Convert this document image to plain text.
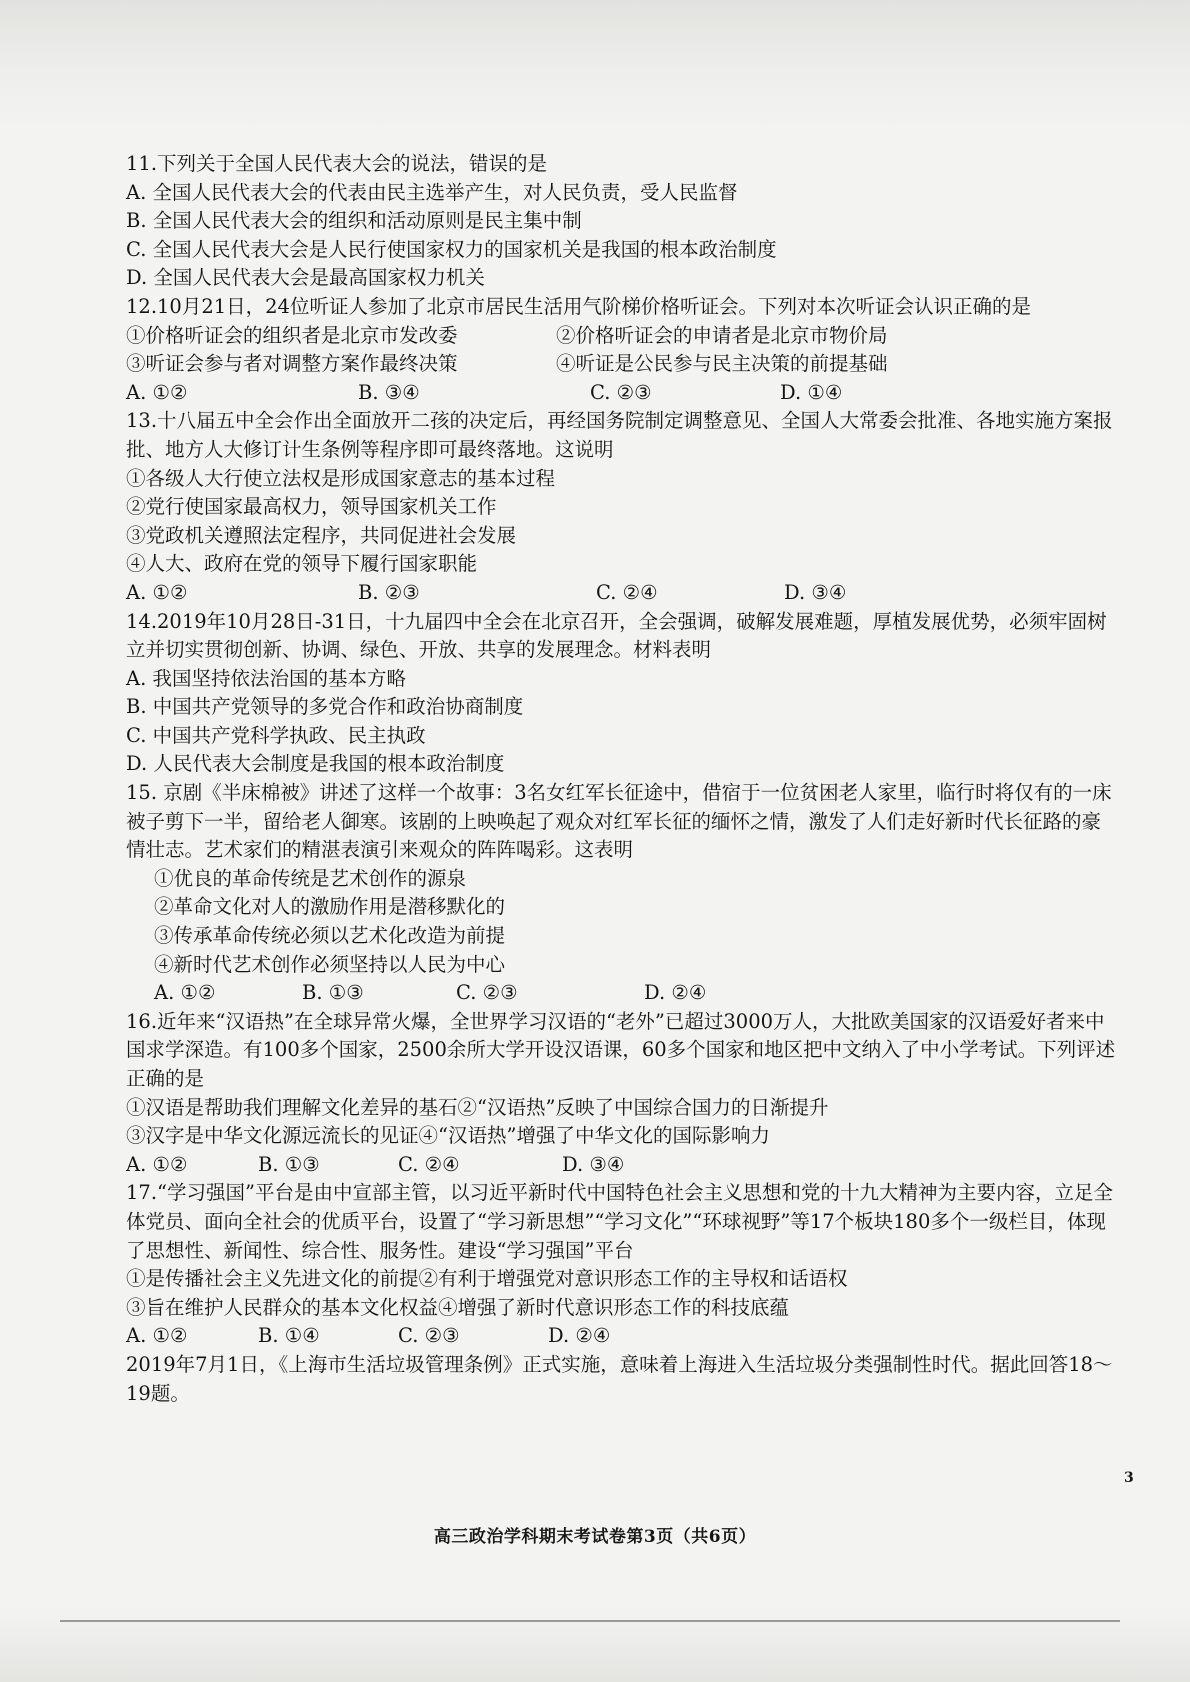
11.下列关于全国人民代表大会的说法，错误的是

A. 全国人民代表大会的代表由民主选举产生，对人民负责，受人民监督

B. 全国人民代表大会的组织和活动原则是民主集中制

C. 全国人民代表大会是人民行使国家权力的国家机关是我国的根本政治制度

D. 全国人民代表大会是最高国家权力机关

12.10月21日，24位听证人参加了北京市居民生活用气阶梯价格听证会。下列对本次听证会认识正确的是

①价格听证会的组织者是北京市发改委	②价格听证会的申请者是北京市物价局
③听证会参与者对调整方案作最终决策	④听证是公民参与民主决策的前提基础
A. ①②	B. ③④	C. ②③	D. ①④

13.十八届五中全会作出全面放开二孩的决定后，再经国务院制定调整意见、全国人大常委会批准、各地实施方案报批、地方人大修订计生条例等程序即可最终落地。这说明

①各级人大行使立法权是形成国家意志的基本过程

②党行使国家最高权力，领导国家机关工作

③党政机关遵照法定程序，共同促进社会发展

④人大、政府在党的领导下履行国家职能

A. ①②	B. ②③	C. ②④	D. ③④

14.2019年10月28日-31日，十九届四中全会在北京召开，全会强调，破解发展难题，厚植发展优势，必须牢固树立并切实贯彻创新、协调、绿色、开放、共享的发展理念。材料表明

A. 我国坚持依法治国的基本方略

B. 中国共产党领导的多党合作和政治协商制度

C. 中国共产党科学执政、民主执政

D. 人民代表大会制度是我国的根本政治制度

15. 京剧《半床棉被》讲述了这样一个故事：3名女红军长征途中，借宿于一位贫困老人家里，临行时将仅有的一床被子剪下一半，留给老人御寒。该剧的上映唤起了观众对红军长征的缅怀之情，激发了人们走好新时代长征路的豪情壮志。艺术家们的精湛表演引来观众的阵阵喝彩。这表明

①优良的革命传统是艺术创作的源泉

②革命文化对人的激励作用是潜移默化的

③传承革命传统必须以艺术化改造为前提

④新时代艺术创作必须坚持以人民为中心

A. ①②	B. ①③	C. ②③	D. ②④

16.近年来“汉语热”在全球异常火爆，全世界学习汉语的“老外”已超过3000万人，大批欧美国家的汉语爱好者来中国求学深造。有100多个国家，2500余所大学开设汉语课，60多个国家和地区把中文纳入了中小学考试。下列评述正确的是

①汉语是帮助我们理解文化差异的基石②“汉语热”反映了中国综合国力的日渐提升

③汉字是中华文化源远流长的见证④“汉语热”增强了中华文化的国际影响力

A. ①②	B. ①③	C. ②④	D. ③④

17.“学习强国”平台是由中宣部主管，以习近平新时代中国特色社会主义思想和党的十九大精神为主要内容，立足全体党员、面向全社会的优质平台，设置了“学习新思想”“学习文化”“环球视野”等17个板块180多个一级栏目，体现了思想性、新闻性、综合性、服务性。建设“学习强国”平台

①是传播社会主义先进文化的前提②有利于增强党对意识形态工作的主导权和话语权

③旨在维护人民群众的基本文化权益④增强了新时代意识形态工作的科技底蕴

A. ①②	B. ①④	C. ②③	D. ②④

2019年7月1日，《上海市生活垃圾管理条例》正式实施，意味着上海进入生活垃圾分类强制性时代。据此回答18～19题。

3
高三政治学科期末考试卷第3页（共6页）
